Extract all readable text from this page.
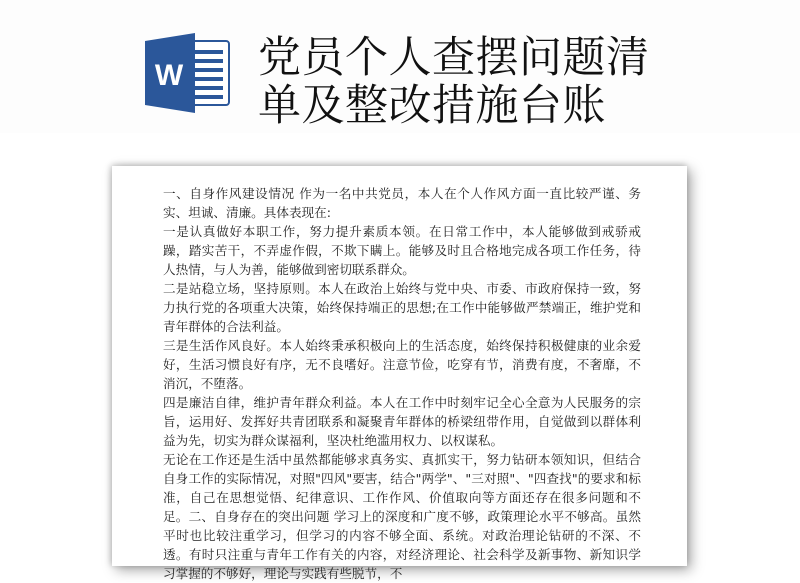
W 党员个人查摆问题清
单及整改措施台账

一、自身作风建设情况 作为一名中共党员，本人在个人作风方面一直比较严谨、务实、坦诚、清廉。具体表现在:

一是认真做好本职工作，努力提升素质本领。在日常工作中，本人能够做到戒骄戒躁，踏实苦干，不弄虚作假，不欺下瞒上。能够及时且合格地完成各项工作任务，待人热情，与人为善，能够做到密切联系群众。

二是站稳立场，坚持原则。本人在政治上始终与党中央、市委、市政府保持一致，努力执行党的各项重大决策，始终保持端正的思想;在工作中能够做严禁端正，维护党和青年群体的合法利益。

三是生活作风良好。本人始终秉承积极向上的生活态度，始终保持积极健康的业余爱好，生活习惯良好有序，无不良嗜好。注意节俭，吃穿有节，消费有度，不奢靡，不消沉，不堕落。

四是廉洁自律，维护青年群众利益。本人在工作中时刻牢记全心全意为人民服务的宗旨，运用好、发挥好共青团联系和凝聚青年群体的桥梁纽带作用，自觉做到以群体利益为先，切实为群众谋福利，坚决杜绝滥用权力、以权谋私。

无论在工作还是生活中虽然都能够求真务实、真抓实干，努力钻研本领知识，但结合自身工作的实际情况，对照"四风"要害，结合"两学"、"三对照"、"四查找"的要求和标准，自己在思想觉悟、纪律意识、工作作风、价值取向等方面还存在很多问题和不足。二、自身存在的突出问题 学习上的深度和广度不够，政策理论水平不够高。虽然平时也比较注重学习，但学习的内容不够全面、系统。对政治理论钻研的不深、不透。有时只注重与青年工作有关的内容，对经济理论、社会科学及新事物、新知识学习掌握的不够好，理论与实践有些脱节，不
